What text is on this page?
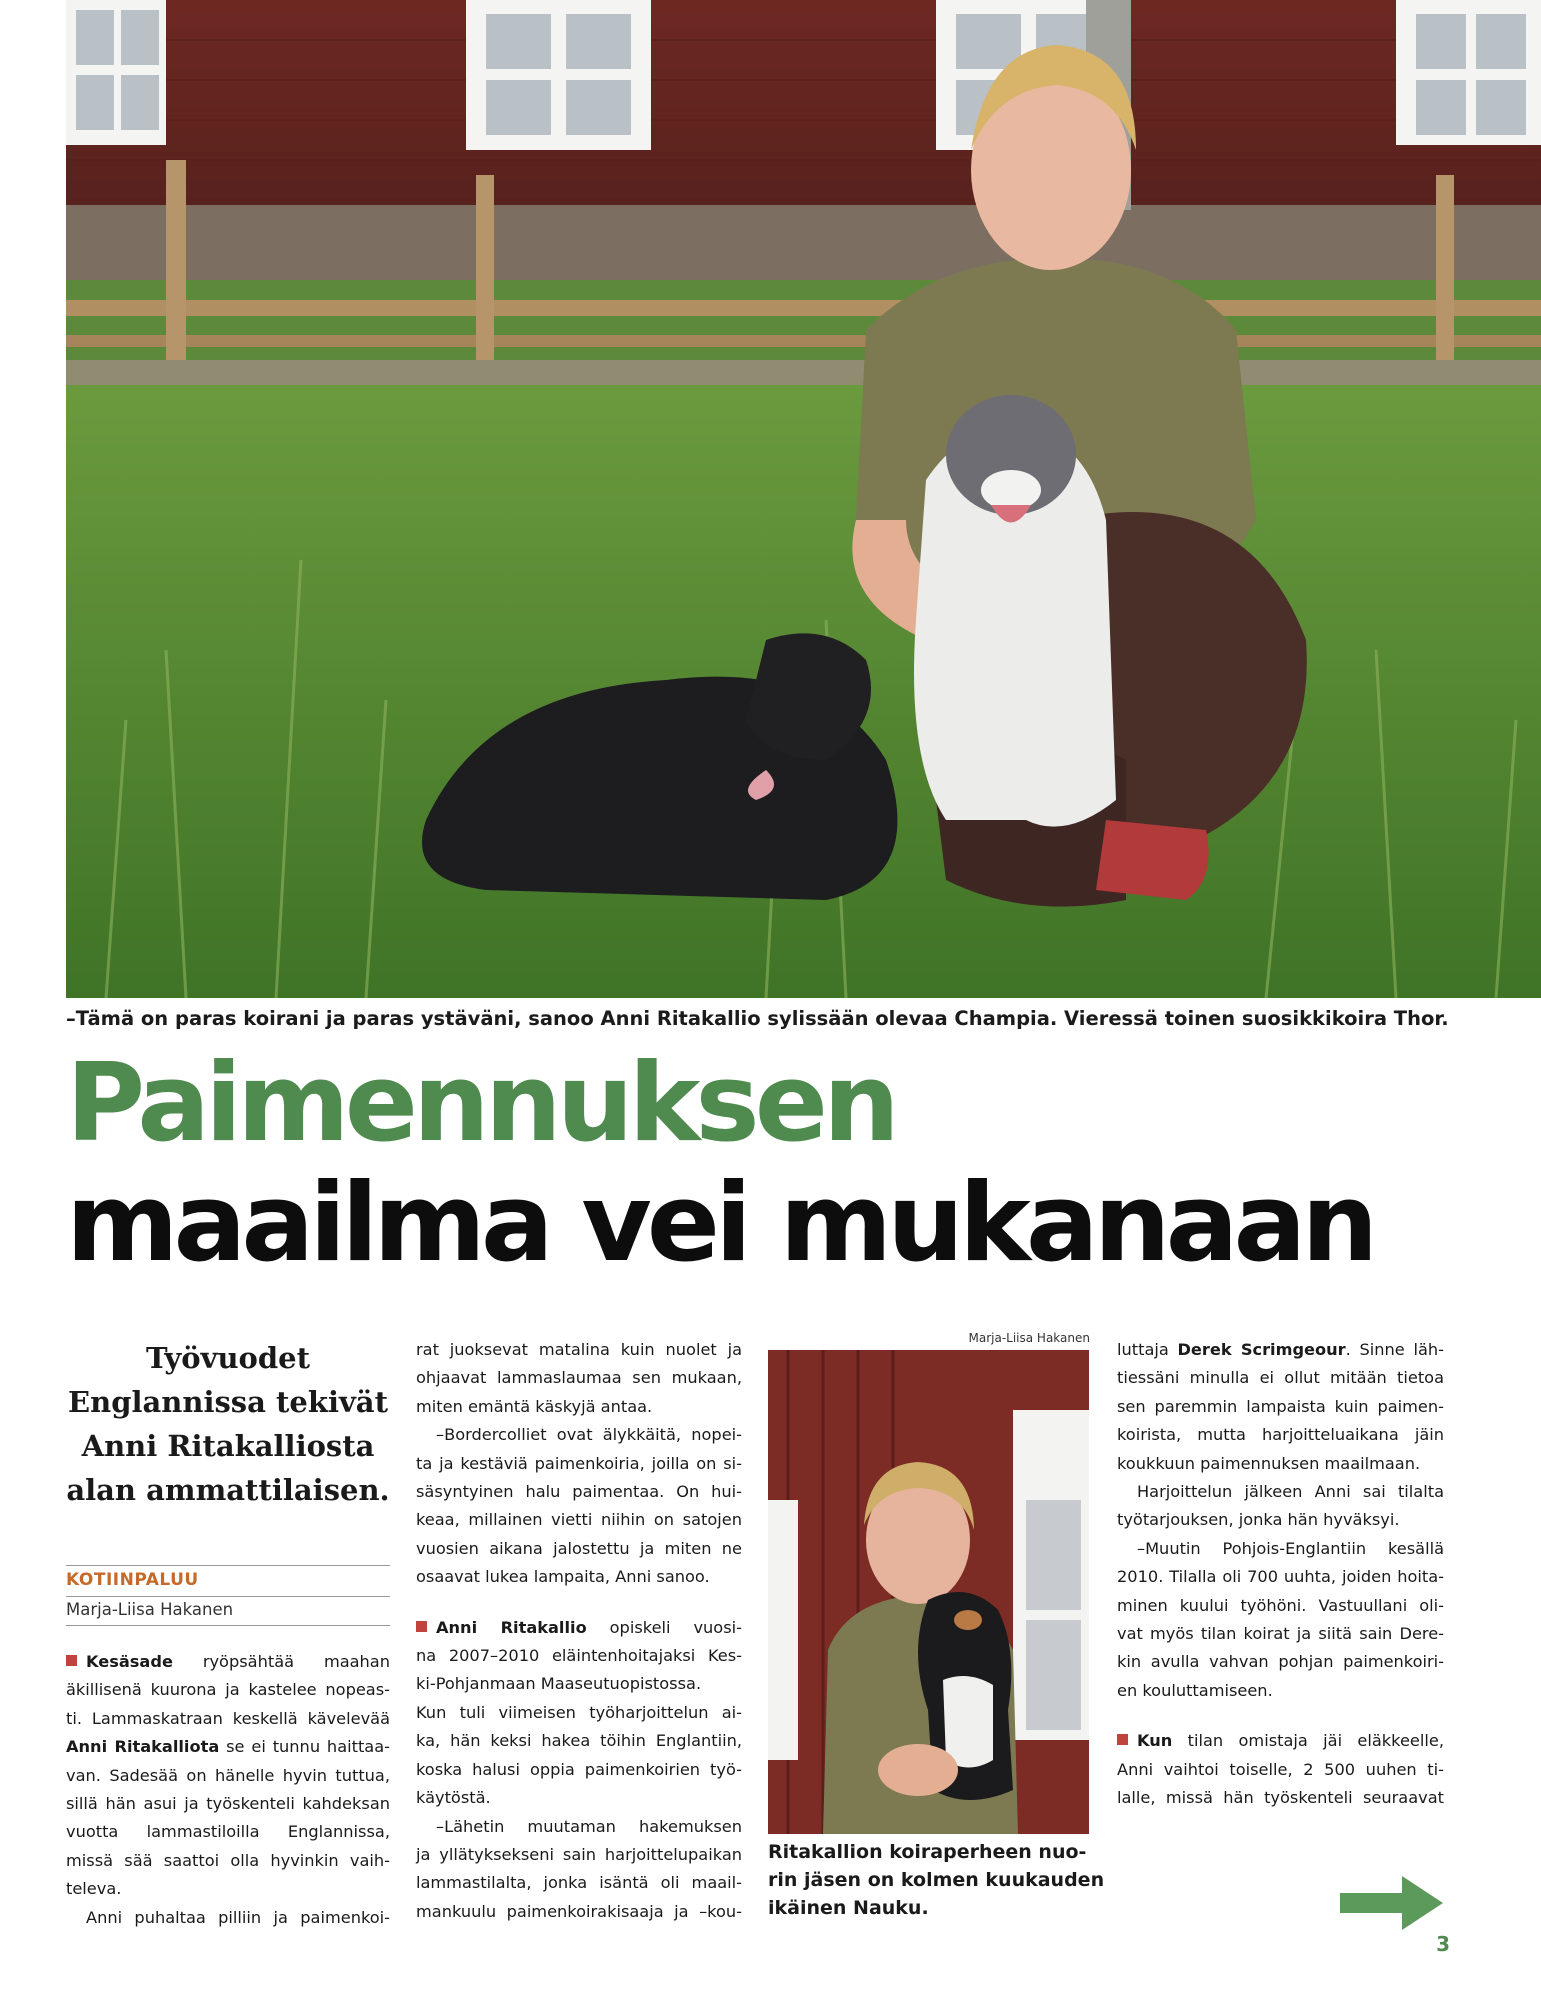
–Tämä on paras koirani ja paras ystäväni, sanoo Anni Ritakallio sylissään olevaa Champia. Vieressä toinen suosikkikoira Thor.
Paimennuksen
maailma vei mukanaan
Työvuodet
Englannissa tekivät
Anni Ritakalliosta
alan ammattilaisen.
KOTIINPALUU
Marja-Liisa Hakanen
Kesäsade ryöpsähtää maahan
äkillisenä kuurona ja kastelee nopeas-
ti. Lammaskatraan keskellä kävelevää
Anni Ritakalliota se ei tunnu haittaa-
van. Sadesää on hänelle hyvin tuttua,
sillä hän asui ja työskenteli kahdeksan
vuotta lammastiloilla Englannissa,
missä sää saattoi olla hyvinkin vaih-
televa.
Anni puhaltaa pilliin ja paimenkoi-
rat juoksevat matalina kuin nuolet ja
ohjaavat lammaslaumaa sen mukaan,
miten emäntä käskyjä antaa.
–Bordercolliet ovat älykkäitä, nopei-
ta ja kestäviä paimenkoiria, joilla on si-
säsyntyinen halu paimentaa. On hui-
keaa, millainen vietti niihin on satojen
vuosien aikana jalostettu ja miten ne
osaavat lukea lampaita, Anni sanoo.
Anni Ritakallio opiskeli vuosi-
na 2007–2010 eläintenhoitajaksi Kes-
ki-Pohjanmaan Maaseutuopistossa.
Kun tuli viimeisen työharjoittelun ai-
ka, hän keksi hakea töihin Englantiin,
koska halusi oppia paimenkoirien työ-
käytöstä.
–Lähetin muutaman hakemuksen
ja yllätyksekseni sain harjoittelupaikan
lammastilalta, jonka isäntä oli maail-
mankuulu paimenkoirakisaaja ja –kou-
Marja-Liisa Hakanen
Ritakallion koiraperheen nuo-
rin jäsen on kolmen kuukauden
ikäinen Nauku.
luttaja Derek Scrimgeour. Sinne läh-
tiessäni minulla ei ollut mitään tietoa
sen paremmin lampaista kuin paimen-
koirista, mutta harjoitteluaikana jäin
koukkuun paimennuksen maailmaan.
Harjoittelun jälkeen Anni sai tilalta
työtarjouksen, jonka hän hyväksyi.
–Muutin Pohjois-Englantiin kesällä
2010. Tilalla oli 700 uuhta, joiden hoita-
minen kuului työhöni. Vastuullani oli-
vat myös tilan koirat ja siitä sain Dere-
kin avulla vahvan pohjan paimenkoiri-
en kouluttamiseen.
Kun tilan omistaja jäi eläkkeelle,
Anni vaihtoi toiselle, 2 500 uuhen ti-
lalle, missä hän työskenteli seuraavat
3
